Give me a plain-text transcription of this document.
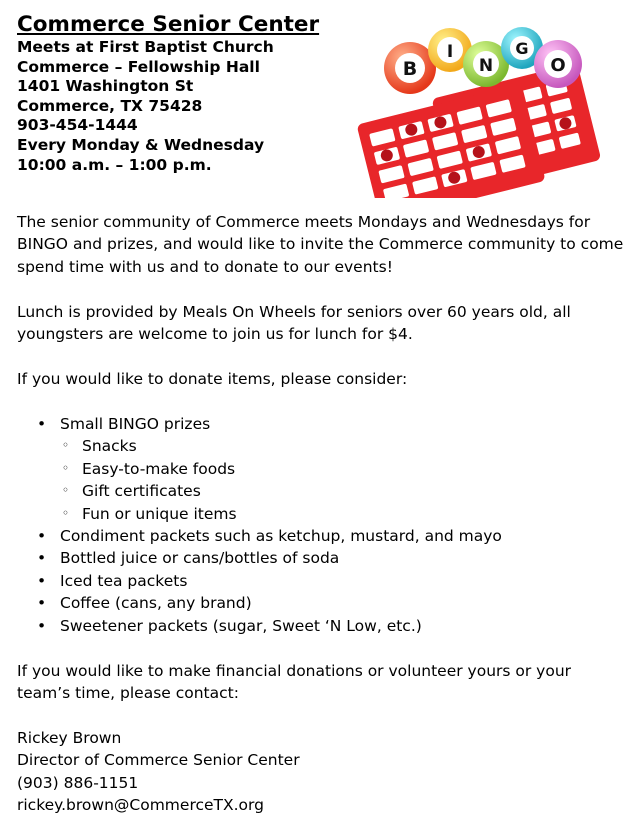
Commerce Senior Center

Meets at First Baptist Church

Commerce – Fellowship Hall

1401 Washington St

Commerce, TX 75428

903-454-1444

Every Monday & Wednesday

10:00 a.m. – 1:00 p.m.

B
I
N
G
O

The senior community of Commerce meets Mondays and Wednesdays for BINGO and prizes, and would like to invite the Commerce community to come spend time with us and to donate to our events!

Lunch is provided by Meals On Wheels for seniors over 60 years old, all youngsters are welcome to join us for lunch for $4.

If you would like to donate items, please consider:

• Small BINGO prizes
◦ Snacks
◦ Easy-to-make foods
◦ Gift certificates
◦ Fun or unique items
• Condiment packets such as ketchup, mustard, and mayo
• Bottled juice or cans/bottles of soda
• Iced tea packets
• Coffee (cans, any brand)
• Sweetener packets (sugar, Sweet ‘N Low, etc.)

If you would like to make financial donations or volunteer yours or your team’s time, please contact:

Rickey Brown
Director of Commerce Senior Center
(903) 886-1151
rickey.brown@CommerceTX.org
